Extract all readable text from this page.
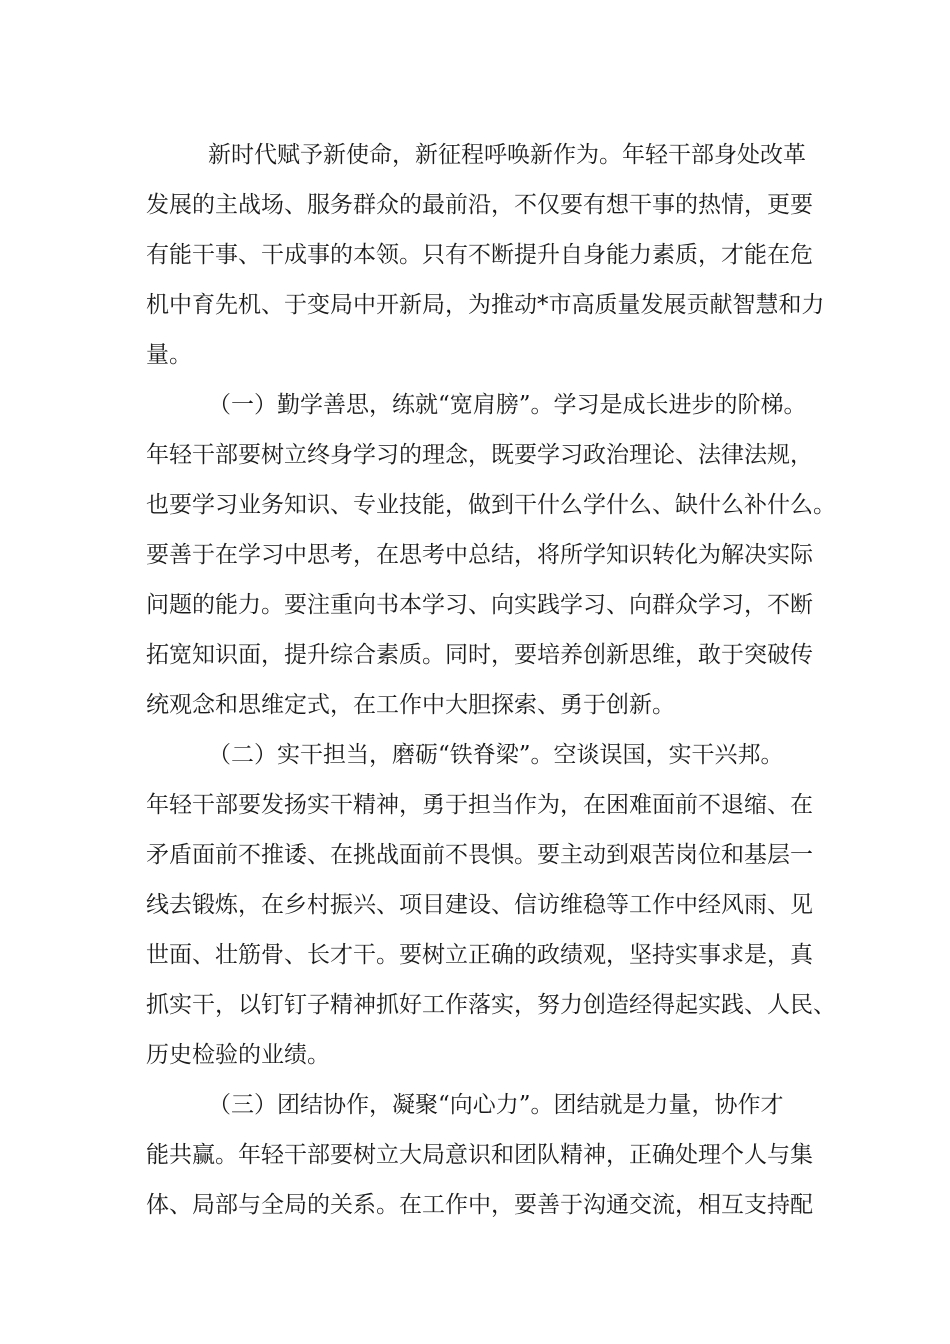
新时代赋予新使命，新征程呼唤新作为。年轻干部身处改革
发展的主战场、服务群众的最前沿，不仅要有想干事的热情，更要
有能干事、干成事的本领。只有不断提升自身能力素质，才能在危
机中育先机、于变局中开新局，为推动*市高质量发展贡献智慧和力
量。
（一）勤学善思，练就“宽肩膀”。学习是成长进步的阶梯。
年轻干部要树立终身学习的理念，既要学习政治理论、法律法规，
也要学习业务知识、专业技能，做到干什么学什么、缺什么补什么。
要善于在学习中思考，在思考中总结，将所学知识转化为解决实际
问题的能力。要注重向书本学习、向实践学习、向群众学习，不断
拓宽知识面，提升综合素质。同时，要培养创新思维，敢于突破传
统观念和思维定式，在工作中大胆探索、勇于创新。
（二）实干担当，磨砺“铁脊梁”。空谈误国，实干兴邦。
年轻干部要发扬实干精神，勇于担当作为，在困难面前不退缩、在
矛盾面前不推诿、在挑战面前不畏惧。要主动到艰苦岗位和基层一
线去锻炼，在乡村振兴、项目建设、信访维稳等工作中经风雨、见
世面、壮筋骨、长才干。要树立正确的政绩观，坚持实事求是，真
抓实干，以钉钉子精神抓好工作落实，努力创造经得起实践、人民、
历史检验的业绩。
（三）团结协作，凝聚“向心力”。团结就是力量，协作才
能共赢。年轻干部要树立大局意识和团队精神，正确处理个人与集
体、局部与全局的关系。在工作中，要善于沟通交流，相互支持配
